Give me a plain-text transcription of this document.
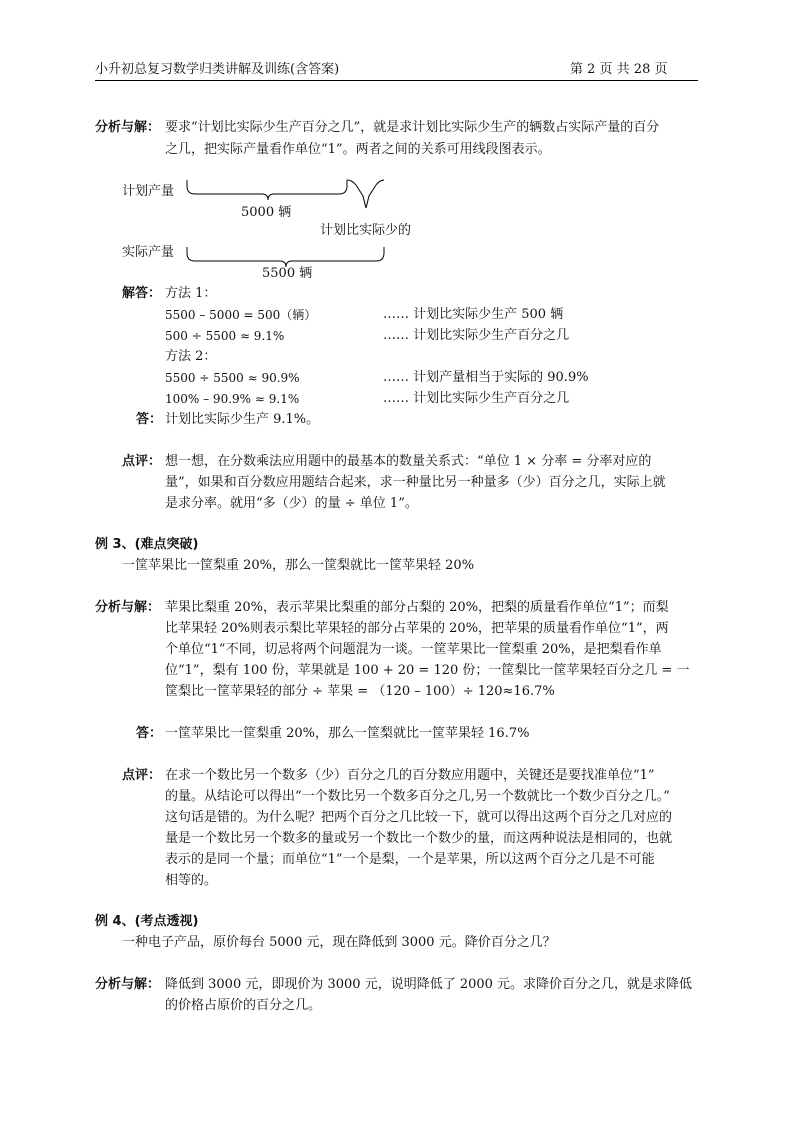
小升初总复习数学归类讲解及训练(含答案)	第 2 页 共 28 页
分析与解： 要求“计划比实际少生产百分之几”，就是求计划比实际少生产的辆数占实际产量的百分
之几，把实际产量看作单位“1”。两者之间的关系可用线段图表示。
计划产量
5000 辆
计划比实际少的
实际产量
5500 辆
解答： 方法 1：
5500 – 5000 = 500（辆）	…… 计划比实际少生产 500 辆
500 ÷ 5500 ≈ 9.1%	…… 计划比实际少生产百分之几
方法 2：
5500 ÷ 5500 ≈ 90.9%	…… 计划产量相当于实际的 90.9%
100% – 90.9% ≈ 9.1%	…… 计划比实际少生产百分之几
答： 计划比实际少生产 9.1%。
点评： 想一想，在分数乘法应用题中的最基本的数量关系式：“单位 1 × 分率 = 分率对应的
量”，如果和百分数应用题结合起来，求一种量比另一种量多（少）百分之几，实际上就
是求分率。就用“多（少）的量 ÷ 单位 1”。
例 3、(难点突破)
一筐苹果比一筐梨重 20%，那么一筐梨就比一筐苹果轻 20%
分析与解： 苹果比梨重 20%，表示苹果比梨重的部分占梨的 20%，把梨的质量看作单位“1”；而梨
比苹果轻 20%则表示梨比苹果轻的部分占苹果的 20%，把苹果的质量看作单位“1”，两
个单位“1”不同，切忌将两个问题混为一谈。一筐苹果比一筐梨重 20%，是把梨看作单
位“1”，梨有 100 份，苹果就是 100 + 20 = 120 份；一筐梨比一筐苹果轻百分之几 = 一
筐梨比一筐苹果轻的部分 ÷ 苹果 = （120 – 100）÷ 120≈16.7%
答： 一筐苹果比一筐梨重 20%，那么一筐梨就比一筐苹果轻 16.7%
点评： 在求一个数比另一个数多（少）百分之几的百分数应用题中，关键还是要找准单位“1”
的量。从结论可以得出“一个数比另一个数多百分之几,另一个数就比一个数少百分之几。”
这句话是错的。为什么呢？把两个百分之几比较一下，就可以得出这两个百分之几对应的
量是一个数比另一个数多的量或另一个数比一个数少的量，而这两种说法是相同的，也就
表示的是同一个量；而单位“1”一个是梨，一个是苹果，所以这两个百分之几是不可能
相等的。
例 4、(考点透视)
一种电子产品，原价每台 5000 元，现在降低到 3000 元。降价百分之几？
分析与解： 降低到 3000 元，即现价为 3000 元，说明降低了 2000 元。求降价百分之几，就是求降低
的价格占原价的百分之几。
